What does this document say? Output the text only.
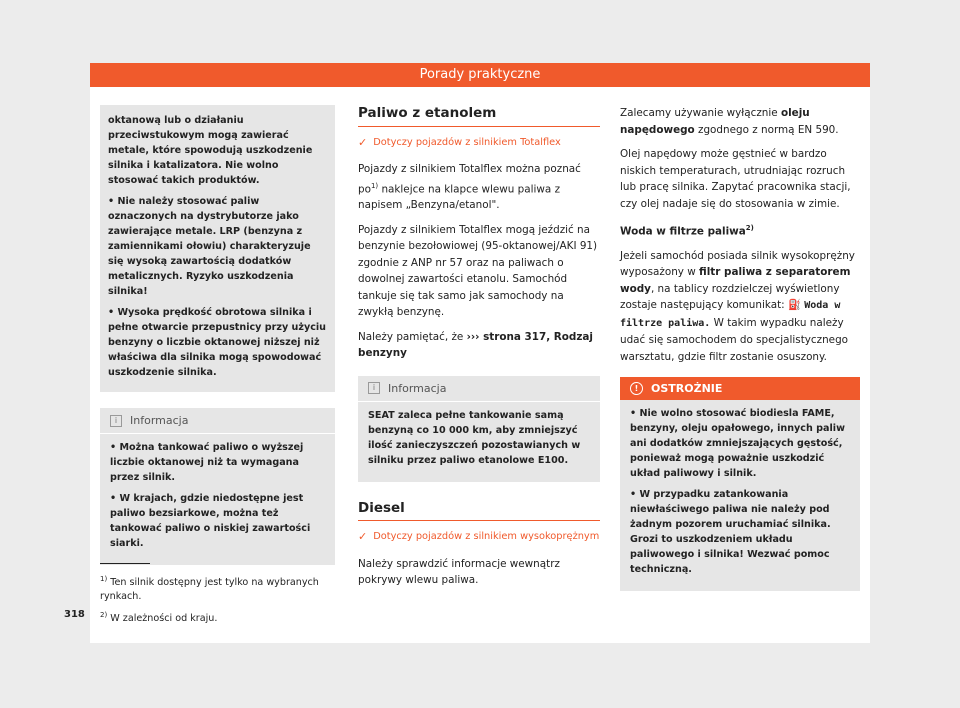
Porady praktyczne

oktanową lub o działaniu przeciwstukowym mogą zawierać metale, które spowodują uszkodzenie silnika i katalizatora. Nie wolno stosować takich produktów.

• Nie należy stosować paliw oznaczonych na dystrybutorze jako zawierające metale. LRP (benzyna z zamiennikami ołowiu) charakteryzuje się wysoką zawartością dodatków metalicznych. Ryzyko uszkodzenia silnika!

• Wysoka prędkość obrotowa silnika i pełne otwarcie przepustnicy przy użyciu benzyny o liczbie oktanowej niższej niż właściwa dla silnika mogą spowodować uszkodzenie silnika.

i	Informacja

• Można tankować paliwo o wyższej liczbie oktanowej niż ta wymagana przez silnik.

• W krajach, gdzie niedostępne jest paliwo bezsiarkowe, można też tankować paliwo o niskiej zawartości siarki.

Paliwo z etanolem
✓ Dotyczy pojazdów z silnikiem Totalflex

Pojazdy z silnikiem Totalflex można poznać $po^{1)}$ naklejce na klapce wlewu paliwa z napisem „Benzyna/etanol".

Pojazdy z silnikiem Totalflex mogą jeździć na benzynie bezołowiowej (95-oktanowej/AKI 91) zgodnie z ANP nr 57 oraz na paliwach o dowolnej zawartości etanolu. Samochód tankuje się tak samo jak samochody na zwykłą benzynę.

Należy pamiętać, że ››› strona 317, Rodzaj benzyny

i	Informacja

SEAT zaleca pełne tankowanie samą benzyną co 10 000 km, aby zmniejszyć ilość zanieczyszczeń pozostawianych w silniku przez paliwo etanolowe E100.

Diesel
✓ Dotyczy pojazdów z silnikiem wysokoprężnym

Należy sprawdzić informacje wewnątrz pokrywy wlewu paliwa.

Zalecamy używanie wyłącznie oleju napędowego zgodnego z normą EN 590.

Olej napędowy może gęstnieć w bardzo niskich temperaturach, utrudniając rozruch lub pracę silnika. Zapytać pracownika stacji, czy olej nadaje się do stosowania w zimie.

Woda w filtrze paliwa$^{2)}$

Jeżeli samochód posiada silnik wysokoprężny wyposażony w filtr paliwa z separatorem wody, na tablicy rozdzielczej wyświetlony zostaje następujący komunikat: ⛽ Woda w filtrze paliwa. W takim wypadku należy udać się samochodem do specjalistycznego warsztatu, gdzie filtr zostanie osuszony.

!	OSTROŻNIE

• Nie wolno stosować biodiesla FAME, benzyny, oleju opałowego, innych paliw ani dodatków zmniejszających gęstość, ponieważ mogą poważnie uszkodzić układ paliwowy i silnik.

• W przypadku zatankowania niewłaściwego paliwa nie należy pod żadnym pozorem uruchamiać silnika. Grozi to uszkodzeniem układu paliwowego i silnika! Wezwać pomoc techniczną.

$^{1)}$ Ten silnik dostępny jest tylko na wybranych rynkach.
$^{2)}$ W zależności od kraju.
318
